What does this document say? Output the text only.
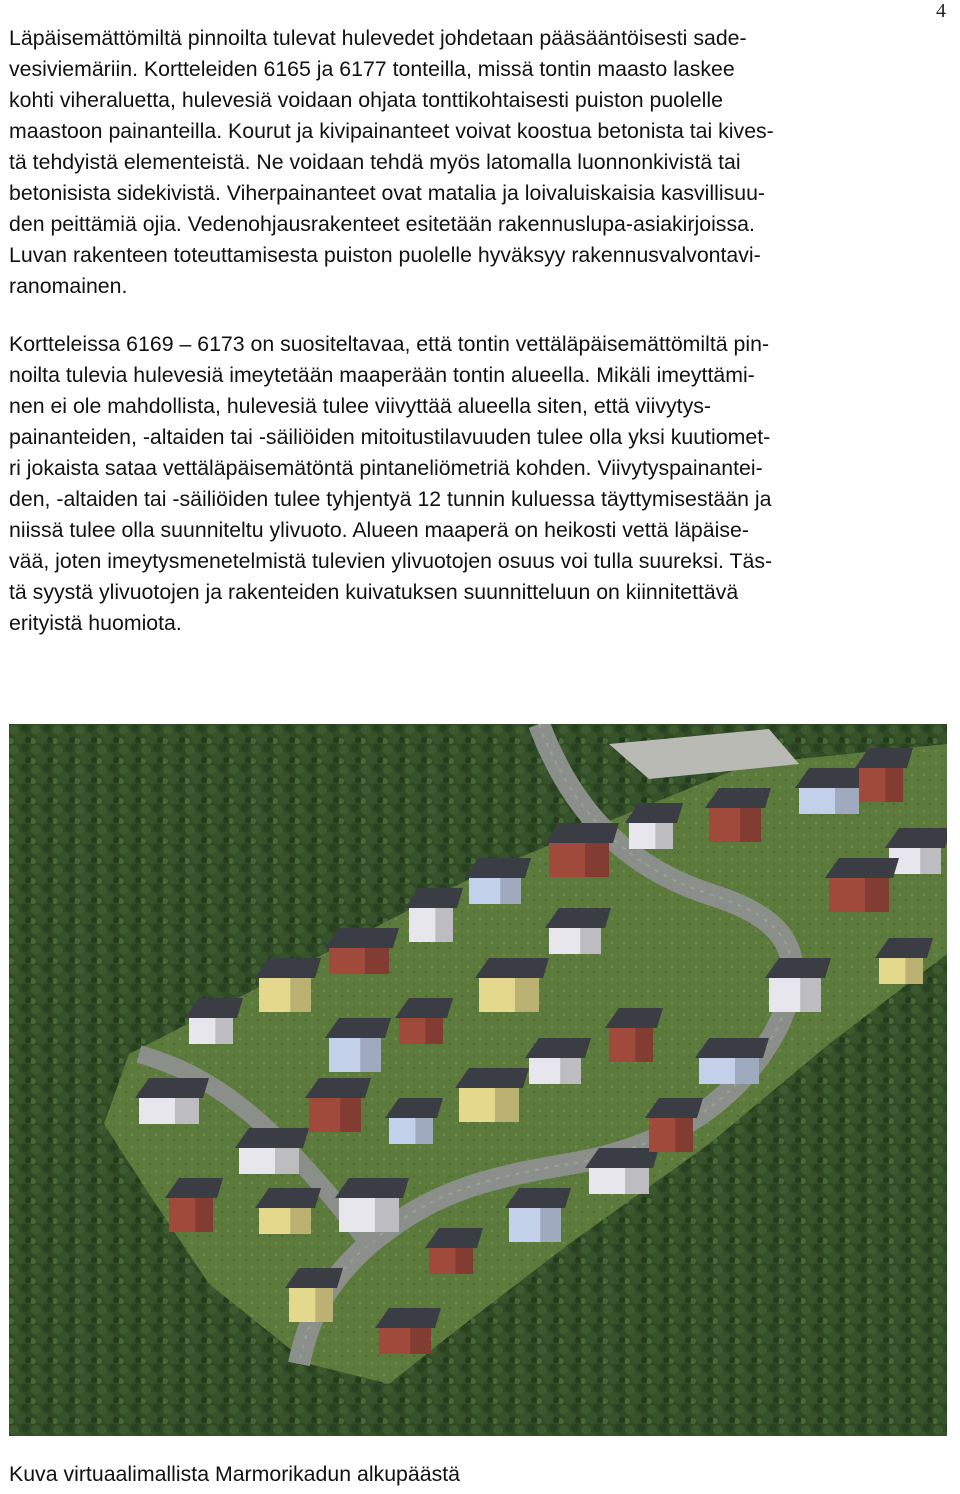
4

Läpäisemättömiltä pinnoilta tulevat hulevedet johdetaan pääsääntöisesti sade-
vesiviemäriin. Kortteleiden 6165 ja 6177 tonteilla, missä tontin maasto laskee
kohti viheraluetta, hulevesiä voidaan ohjata tonttikohtaisesti puiston puolelle
maastoon painanteilla. Kourut ja kivipainanteet voivat koostua betonista tai kives-
tä tehdyistä elementeistä. Ne voidaan tehdä myös latomalla luonnonkivistä tai
betonisista sidekivistä. Viherpainanteet ovat matalia ja loivaluiskaisia kasvillisuu-
den peittämiä ojia. Vedenohjausrakenteet esitetään rakennuslupa-asiakirjoissa.
Luvan rakenteen toteuttamisesta puiston puolelle hyväksyy rakennusvalvontavi-
ranomainen.

Kortteleissa 6169 – 6173 on suositeltavaa, että tontin vettäläpäisemättömiltä pin-
noilta tulevia hulevesiä imeytetään maaperään tontin alueella. Mikäli imeyttämi-
nen ei ole mahdollista, hulevesiä tulee viivyttää alueella siten, että viivytys-
painanteiden, -altaiden tai -säiliöiden mitoitustilavuuden tulee olla yksi kuutiomet-
ri jokaista sataa vettäläpäisemätöntä pintaneliömetriä kohden. Viivytyspainantei-
den, -altaiden tai -säiliöiden tulee tyhjentyä 12 tunnin kuluessa täyttymisestään ja
niissä tulee olla suunniteltu ylivuoto. Alueen maaperä on heikosti vettä läpäise-
vää, joten imeytysmenetelmistä tulevien ylivuotojen osuus voi tulla suureksi. Täs-
tä syystä ylivuotojen ja rakenteiden kuivatuksen suunnitteluun on kiinnitettävä
erityistä huomiota.

Kuva virtuaalimallista Marmorikadun alkupäästä
